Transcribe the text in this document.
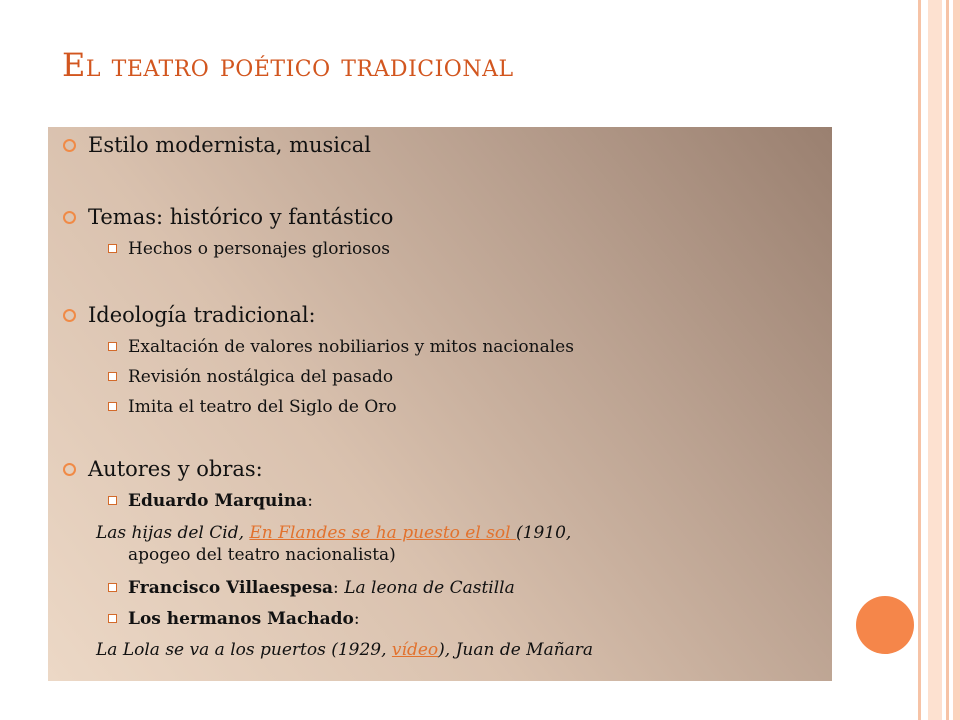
El teatro poético tradicional
Estilo modernista, musical
Temas: histórico y fantástico
Hechos o personajes gloriosos
Ideología tradicional:
Exaltación de valores nobiliarios y mitos nacionales
Revisión nostálgica del pasado
Imita el teatro del Siglo de Oro
Autores y obras:
Eduardo Marquina:
Las hijas del Cid, En Flandes se ha puesto el sol (1910,
apogeo del teatro nacionalista)
Francisco Villaespesa: La leona de Castilla
Los hermanos Machado:
La Lola se va a los puertos (1929, vídeo), Juan de Mañara
